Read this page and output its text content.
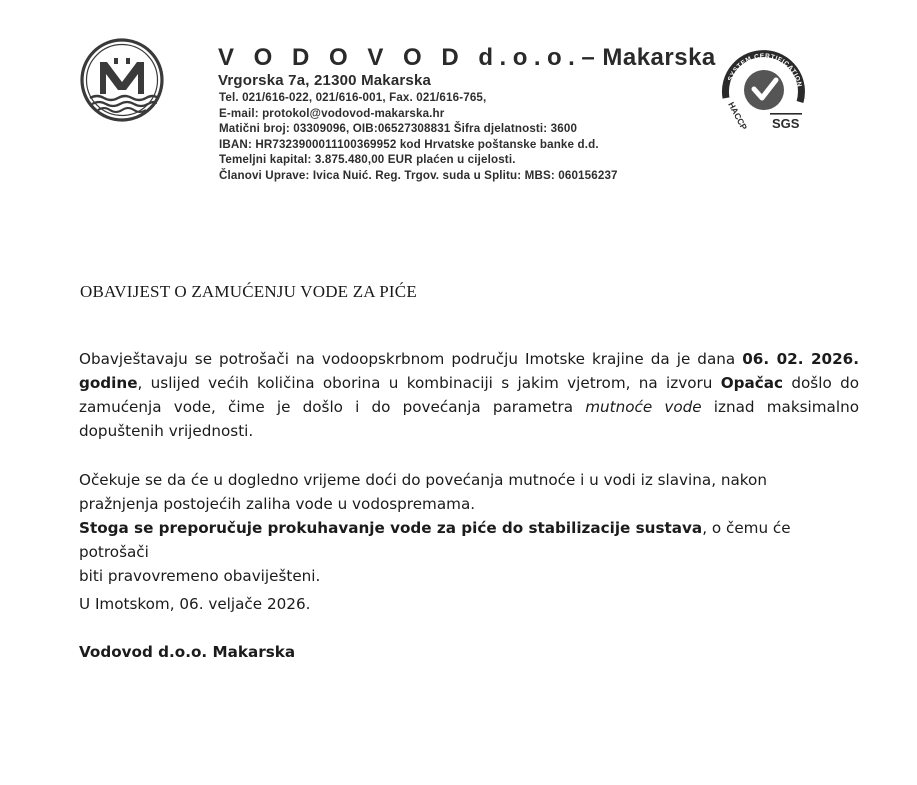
M	V O D O V O D d.o.o.– Makarska
Vrgorska 7a, 21300 Makarska
Tel. 021/616-022, 021/616-001, Fax. 021/616-765,
E-mail: protokol@vodovod-makarska.hr
Matični broj: 03309096, OIB:06527308831 Šifra djelatnosti: 3600
IBAN: HR7323900011100369952 kod Hrvatske poštanske banke d.d.
Temeljni kapital: 3.875.480,00 EUR plaćen u cijelosti.
Članovi Uprave: Ivica Nuić. Reg. Trgov. suda u Splitu: MBS: 060156237
SYSTEM CERTIFICATION
HACCP SGS
OBAVIJEST O ZAMUĆENJU VODE ZA PIĆE

Obavještavaju se potrošači na vodoopskrbnom području Imotske krajine da je dana 06. 02. 2026.
godine, uslijed većih količina oborina u kombinaciji s jakim vjetrom, na izvoru Opačac došlo do
zamućenja vode, čime je došlo i do povećanja parametra mutnoće vode iznad maksimalno
dopuštenih vrijednosti.

Očekuje se da će u dogledno vrijeme doći do povećanja mutnoće i u vodi iz slavina, nakon
pražnjenja postojećih zaliha vode u vodospremama.
Stoga se preporučuje prokuhavanje vode za piće do stabilizacije sustava, o čemu će potrošači
biti pravovremeno obaviješteni.

U Imotskom, 06. veljače 2026.

Vodovod d.o.o. Makarska
